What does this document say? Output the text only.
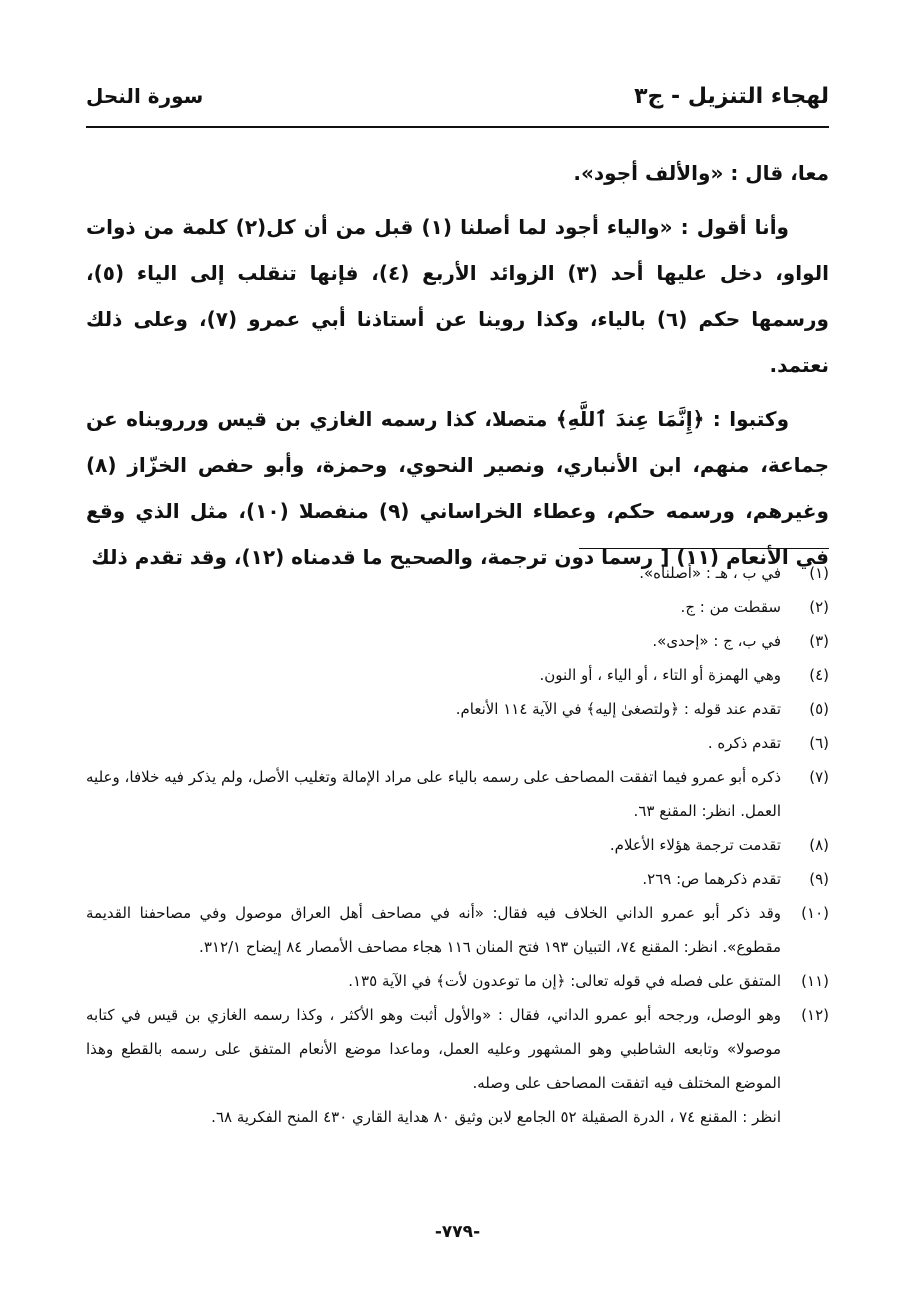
لهجاء التنزيل - ج٣
سورة النحل

معا، قال : «والألف أجود».

وأنا أقول : «والياء أجود لما أصلنا (١) قبل من أن كل(٢) كلمة من ذوات الواو، دخل عليها أحد (٣) الزوائد الأربع (٤)، فإنها تنقلب إلى الياء (٥)، ورسمها حكم (٦) بالياء، وكذا روينا عن أستاذنا أبي عمرو (٧)، وعلى ذلك نعتمد.

وكتبوا : ﴿إِنَّمَا عِندَ ٱللَّهِ﴾ متصلا، كذا رسمه الغازي بن قيس وررويناه عن جماعة، منهم، ابن الأنباري، ونصير النحوي، وحمزة، وأبو حفص الخزّاز (٨) وغيرهم، ورسمه حكم، وعطاء الخراساني (٩) منفصلا (١٠)، مثل الذي وقع في الأنعام (١١) [ رسما دون ترجمة، والصحيح ما قدمناه (١٢)، وقد تقدم ذلك

(١)
في ب ، هـ : «أصلناه».
(٢)
سقطت من : ج.
(٣)
في ب، ج : «إحدى».
(٤)
وهي الهمزة أو التاء ، أو الياء ، أو النون.
(٥)
تقدم عند قوله : ﴿ولتصغىٰ إليه﴾ في الآية ١١٤ الأنعام.
(٦)
تقدم ذكره .
(٧)
ذكره أبو عمرو فيما اتفقت المصاحف على رسمه بالياء على مراد الإمالة وتغليب الأصل، ولم يذكر فيه خلافا، وعليه العمل. انظر: المقنع ٦٣.
(٨)
تقدمت ترجمة هؤلاء الأعلام.
(٩)
تقدم ذكرهما ص: ٢٦٩.
(١٠)
وقد ذكر أبو عمرو الداني الخلاف فيه فقال: «أنه في مصاحف أهل العراق موصول وفي مصاحفنا القديمة مقطوع». انظر: المقنع ٧٤، التبيان ١٩٣ فتح المنان ١١٦ هجاء مصاحف الأمصار ٨٤ إيضاح ٣١٢/١.
(١١)
المتفق على فصله في قوله تعالى: ﴿إن ما توعدون لأت﴾ في الآية ١٣٥.
(١٢)
وهو الوصل، ورجحه أبو عمرو الداني، فقال : «والأول أثبت وهو الأكثر ، وكذا رسمه الغازي بن قيس في كتابه موصولا» وتابعه الشاطبي وهو المشهور وعليه العمل، وماعدا موضع الأنعام المتفق على رسمه بالقطع وهذا الموضع المختلف فيه اتفقت المصاحف على وصله.
انظر : المقنع ٧٤ ، الدرة الصقيلة ٥٢ الجامع لابن وثيق ٨٠ هداية القاري ٤٣٠ المنح الفكرية ٦٨.
-٧٧٩-
